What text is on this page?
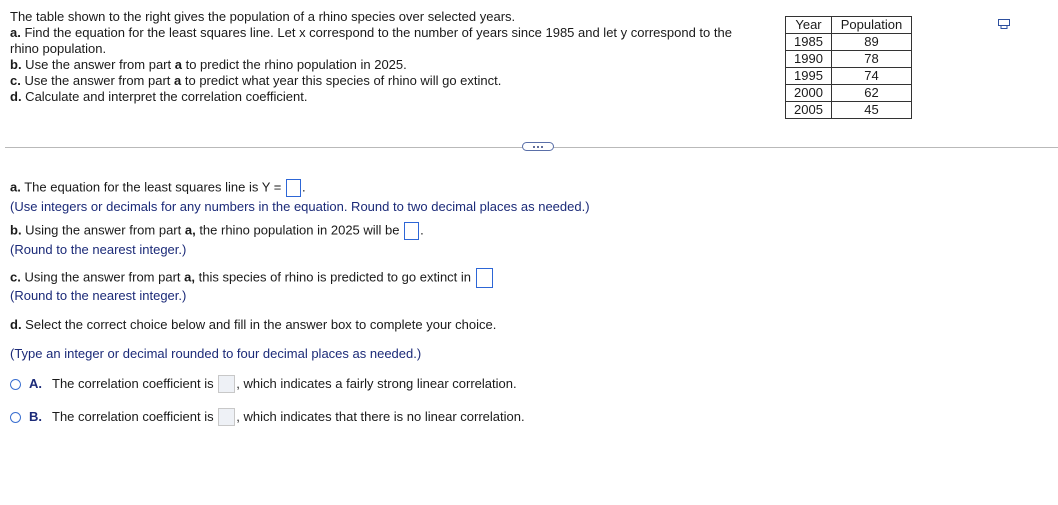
The table shown to the right gives the population of a rhino species over selected years.
a. Find the equation for the least squares line. Let x correspond to the number of years since 1985 and let y correspond to the
rhino population.
b. Use the answer from part a to predict the rhino population in 2025.
c. Use the answer from part a to predict what year this species of rhino will go extinct.
d. Calculate and interpret the correlation coefficient.
Year	Population
1985	89
1990	78
1995	74
2000	62
2005	45
a. The equation for the least squares line is Y = .
(Use integers or decimals for any numbers in the equation. Round to two decimal places as needed.)
b. Using the answer from part a, the rhino population in 2025 will be .
(Round to the nearest integer.)
c. Using the answer from part a, this species of rhino is predicted to go extinct in
(Round to the nearest integer.)
d. Select the correct choice below and fill in the answer box to complete your choice.
(Type an integer or decimal rounded to four decimal places as needed.)
A. The correlation coefficient is
, which indicates a fairly strong linear correlation.
B. The correlation coefficient is
, which indicates that there is no linear correlation.
